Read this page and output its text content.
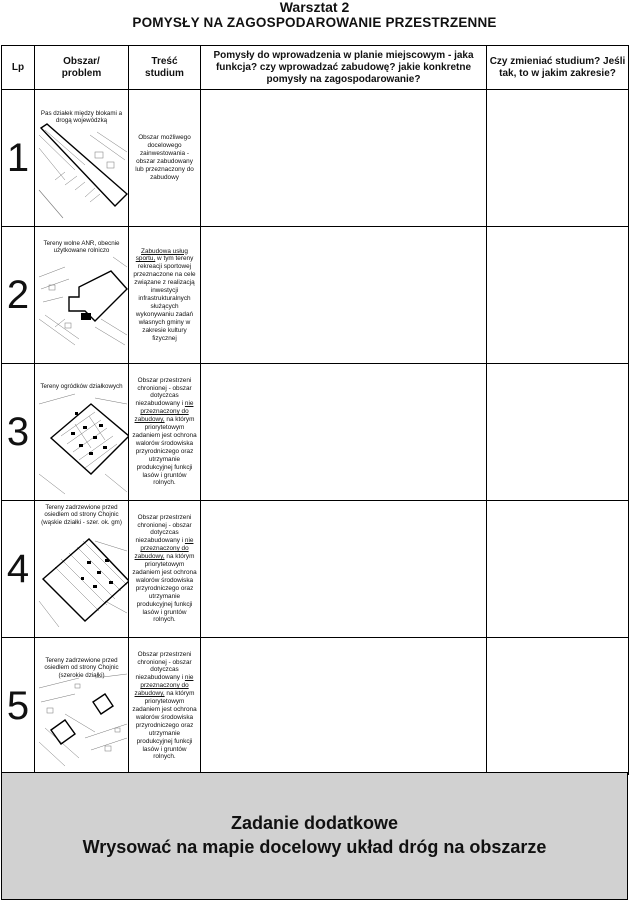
Warsztat 2
POMYSŁY NA ZAGOSPODAROWANIE PRZESTRZENNE
Lp	Obszar/ problem	Treść studium	Pomysły do wprowadzenia w planie miejscowym - jaka funkcja? czy wprowadzać zabudowę? jakie konkretne pomysły na zagospodarowanie?	Czy zmieniać studium? Jeśli tak, to w jakim zakresie?
1	Pas działek między blokami a drogą wojewódzką	Obszar możliwego docelowego zainwestowania - obszar zabudowany lub przeznaczony do zabudowy		

2	Tereny wolne ANR, obecnie użytkowane rolniczo	Zabudowa usług sportu, w tym tereny rekreacji sportowej przeznaczone na cele związane z realizacją inwestycji infrastrukturalnych służących wykonywaniu zadań własnych gminy w zakresie kultury fizycznej		

3	Tereny ogródków działkowych	Obszar przestrzeni chronionej - obszar dotyczcas niezabudowany i nie przeznaczony do zabudowy, na którym priorytetowym zadaniem jest ochrona walorów środowiska przyrodniczego oraz utrzymanie produkcyjnej funkcji lasów i gruntów rolnych.		

4	Tereny zadrzewione przed osiedlem od strony Chojnic (wąskie działki - szer. ok. gm)	Obszar przestrzeni chronionej - obszar dotyczcas niezabudowany i nie przeznaczony do zabudowy, na którym priorytetowym zadaniem jest ochrona walorów środowiska przyrodniczego oraz utrzymanie produkcyjnej funkcji lasów i gruntów rolnych.		

5	Tereny zadrzewione przed osiedlem od strony Chojnic (szerokie działki)	Obszar przestrzeni chronionej - obszar dotyczcas niezabudowany i nie przeznaczony do zabudowy, na którym priorytetowym zadaniem jest ochrona walorów środowiska przyrodniczego oraz utrzymanie produkcyjnej funkcji lasów i gruntów rolnych.		

Zadanie dodatkowe
Wrysować na mapie docelowy układ dróg na obszarze
